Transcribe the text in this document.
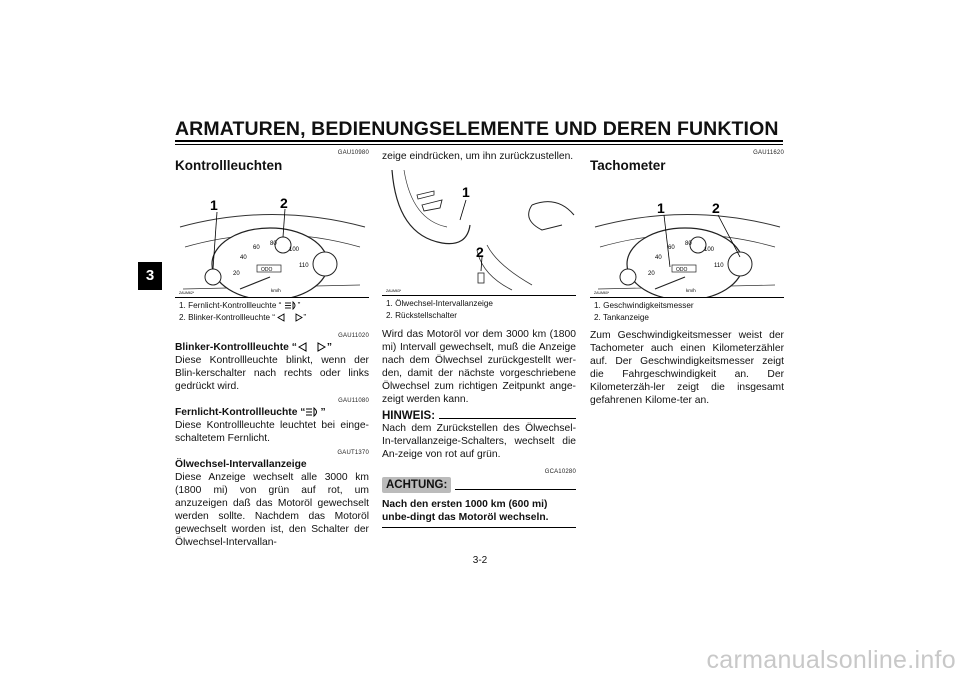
ARMATUREN, BEDIENUNGSELEMENTE UND DEREN FUNKTION
3
GAU10980
Kontrollleuchten
20
40
60
80
100
110
ODO
km/h
1	2
ZAUM62*
1. Fernlicht-Kontrollleuchte “ ”
2. Blinker-Kontrollleuchte “	”
GAU11020
Blinker-Kontrollleuchte “	”
Diese Kontrollleuchte blinkt, wenn der Blin-kerschalter nach rechts oder links gedrückt wird.
GAU11080
Fernlicht-Kontrollleuchte “ ”
Diese Kontrollleuchte leuchtet bei einge-schaltetem Fernlicht.
GAUT1370
Ölwechsel-Intervallanzeige
Diese Anzeige wechselt alle 3000 km (1800 mi) von grün auf rot, um anzuzeigen daß das Motoröl gewechselt werden sollte. Nachdem das Motoröl gewechselt worden ist, den Schalter der Ölwechsel-Intervallan-
zeige eindrücken, um ihn zurückzustellen.
1
2
ZAUM63*
1. Ölwechsel-Intervallanzeige
2. Rückstellschalter
Wird das Motoröl vor dem 3000 km (1800 mi) Intervall gewechselt, muß die Anzeige nach dem Ölwechsel zurückgestellt wer-den, damit der nächste vorgeschriebene Ölwechsel zum richtigen Zeitpunkt ange-zeigt werden kann.
HINWEIS:
Nach dem Zurückstellen des Ölwechsel-In-tervallanzeige-Schalters, wechselt die An-zeige von rot auf grün.
GCA10280
ACHTUNG:
Nach den ersten 1000 km (600 mi) unbe-dingt das Motoröl wechseln.
GAU11620
Tachometer
20
40
60
80
100
110
ODO
km/h
1	2
ZAUM60*
1. Geschwindigkeitsmesser
2. Tankanzeige
Zum Geschwindigkeitsmesser weist der Tachometer auch einen Kilometerzähler auf. Der Geschwindigkeitsmesser zeigt die Fahrgeschwindigkeit an. Der Kilometerzäh-ler zeigt die insgesamt gefahrenen Kilome-ter an.
3-2
carmanualsonline.info
